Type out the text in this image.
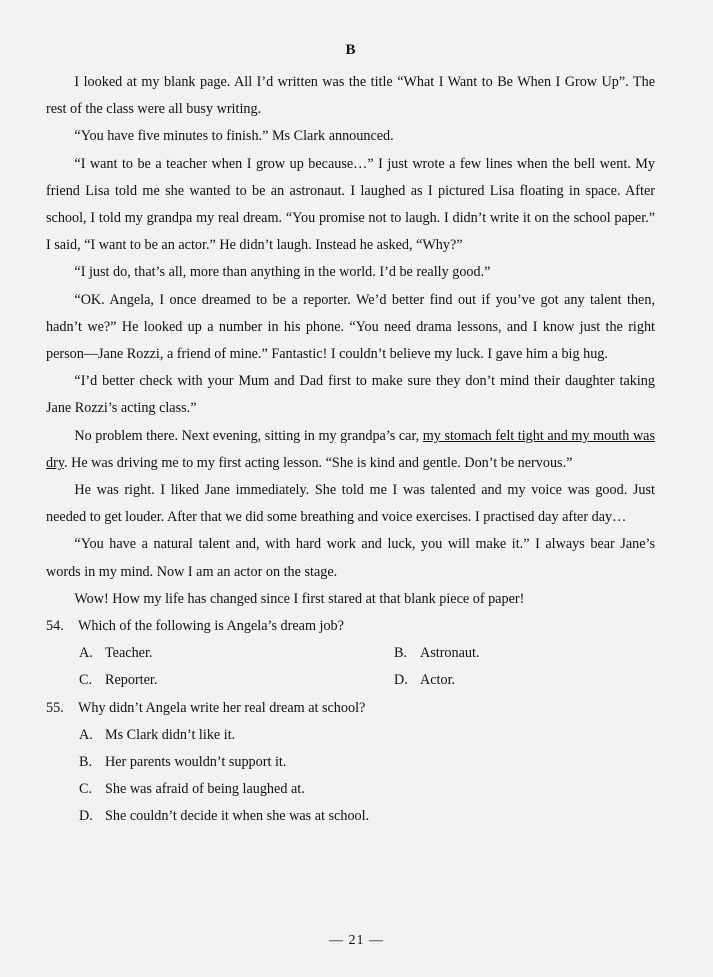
B

I looked at my blank page. All I’d written was the title “What I Want to Be When I Grow Up”. The rest of the class were all busy writing.

“You have five minutes to finish.” Ms Clark announced.

“I want to be a teacher when I grow up because…” I just wrote a few lines when the bell went. My friend Lisa told me she wanted to be an astronaut. I laughed as I pictured Lisa floating in space. After school, I told my grandpa my real dream. “You promise not to laugh. I didn’t write it on the school paper.” I said, “I want to be an actor.” He didn’t laugh. Instead he asked, “Why?”

“I just do, that’s all, more than anything in the world. I’d be really good.”

“OK. Angela, I once dreamed to be a reporter. We’d better find out if you’ve got any talent then, hadn’t we?” He looked up a number in his phone. “You need drama lessons, and I know just the right person—Jane Rozzi, a friend of mine.” Fantastic! I couldn’t believe my luck. I gave him a big hug.

“I’d better check with your Mum and Dad first to make sure they don’t mind their daughter taking Jane Rozzi’s acting class.”

No problem there. Next evening, sitting in my grandpa’s car, my stomach felt tight and my mouth was dry. He was driving me to my first acting lesson. “She is kind and gentle. Don’t be nervous.”

He was right. I liked Jane immediately. She told me I was talented and my voice was good. Just needed to get louder. After that we did some breathing and voice exercises. I practised day after day…

“You have a natural talent and, with hard work and luck, you will make it.” I always bear Jane’s words in my mind. Now I am an actor on the stage.

Wow! How my life has changed since I first stared at that blank piece of paper!

54.	Which of the following is Angela’s dream job?
A. Teacher.	B. Astronaut.
C. Reporter.	D. Actor.
55.	Why didn’t Angela write her real dream at school?
A. Ms Clark didn’t like it.
B. Her parents wouldn’t support it.
C. She was afraid of being laughed at.
D. She couldn’t decide it when she was at school.
— 21 —
